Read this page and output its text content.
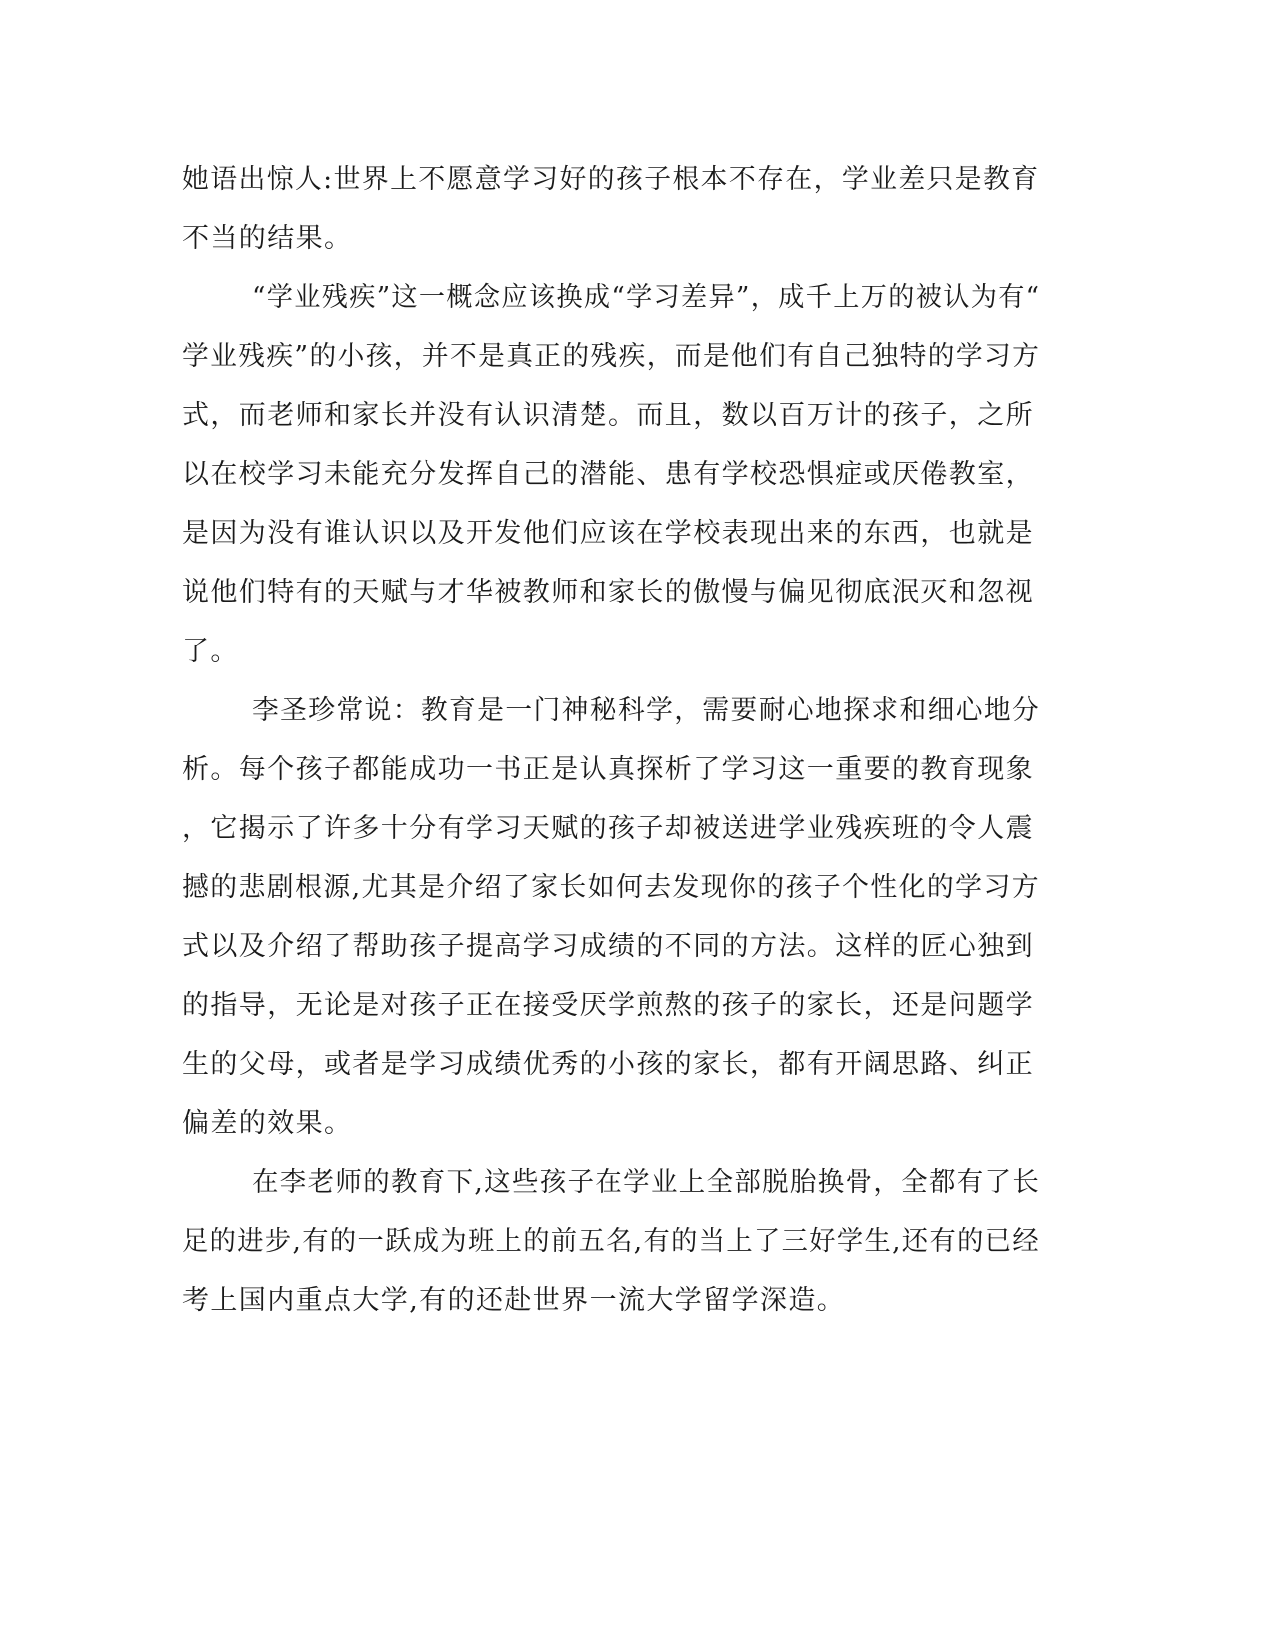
她语出惊人:世界上不愿意学习好的孩子根本不存在，学业差只是教育
不当的结果。
“学业残疾”这一概念应该换成“学习差异”，成千上万的被认为有“
学业残疾”的小孩，并不是真正的残疾，而是他们有自己独特的学习方
式，而老师和家长并没有认识清楚。而且，数以百万计的孩子，之所
以在校学习未能充分发挥自己的潜能、患有学校恐惧症或厌倦教室，
是因为没有谁认识以及开发他们应该在学校表现出来的东西，也就是
说他们特有的天赋与才华被教师和家长的傲慢与偏见彻底泯灭和忽视
了。
李圣珍常说：教育是一门神秘科学，需要耐心地探求和细心地分
析。每个孩子都能成功一书正是认真探析了学习这一重要的教育现象
，它揭示了许多十分有学习天赋的孩子却被送进学业残疾班的令人震
撼的悲剧根源,尤其是介绍了家长如何去发现你的孩子个性化的学习方
式以及介绍了帮助孩子提高学习成绩的不同的方法。这样的匠心独到
的指导，无论是对孩子正在接受厌学煎熬的孩子的家长，还是问题学
生的父母，或者是学习成绩优秀的小孩的家长，都有开阔思路、纠正
偏差的效果。
在李老师的教育下,这些孩子在学业上全部脱胎换骨，全都有了长
足的进步,有的一跃成为班上的前五名,有的当上了三好学生,还有的已经
考上国内重点大学,有的还赴世界一流大学留学深造。
